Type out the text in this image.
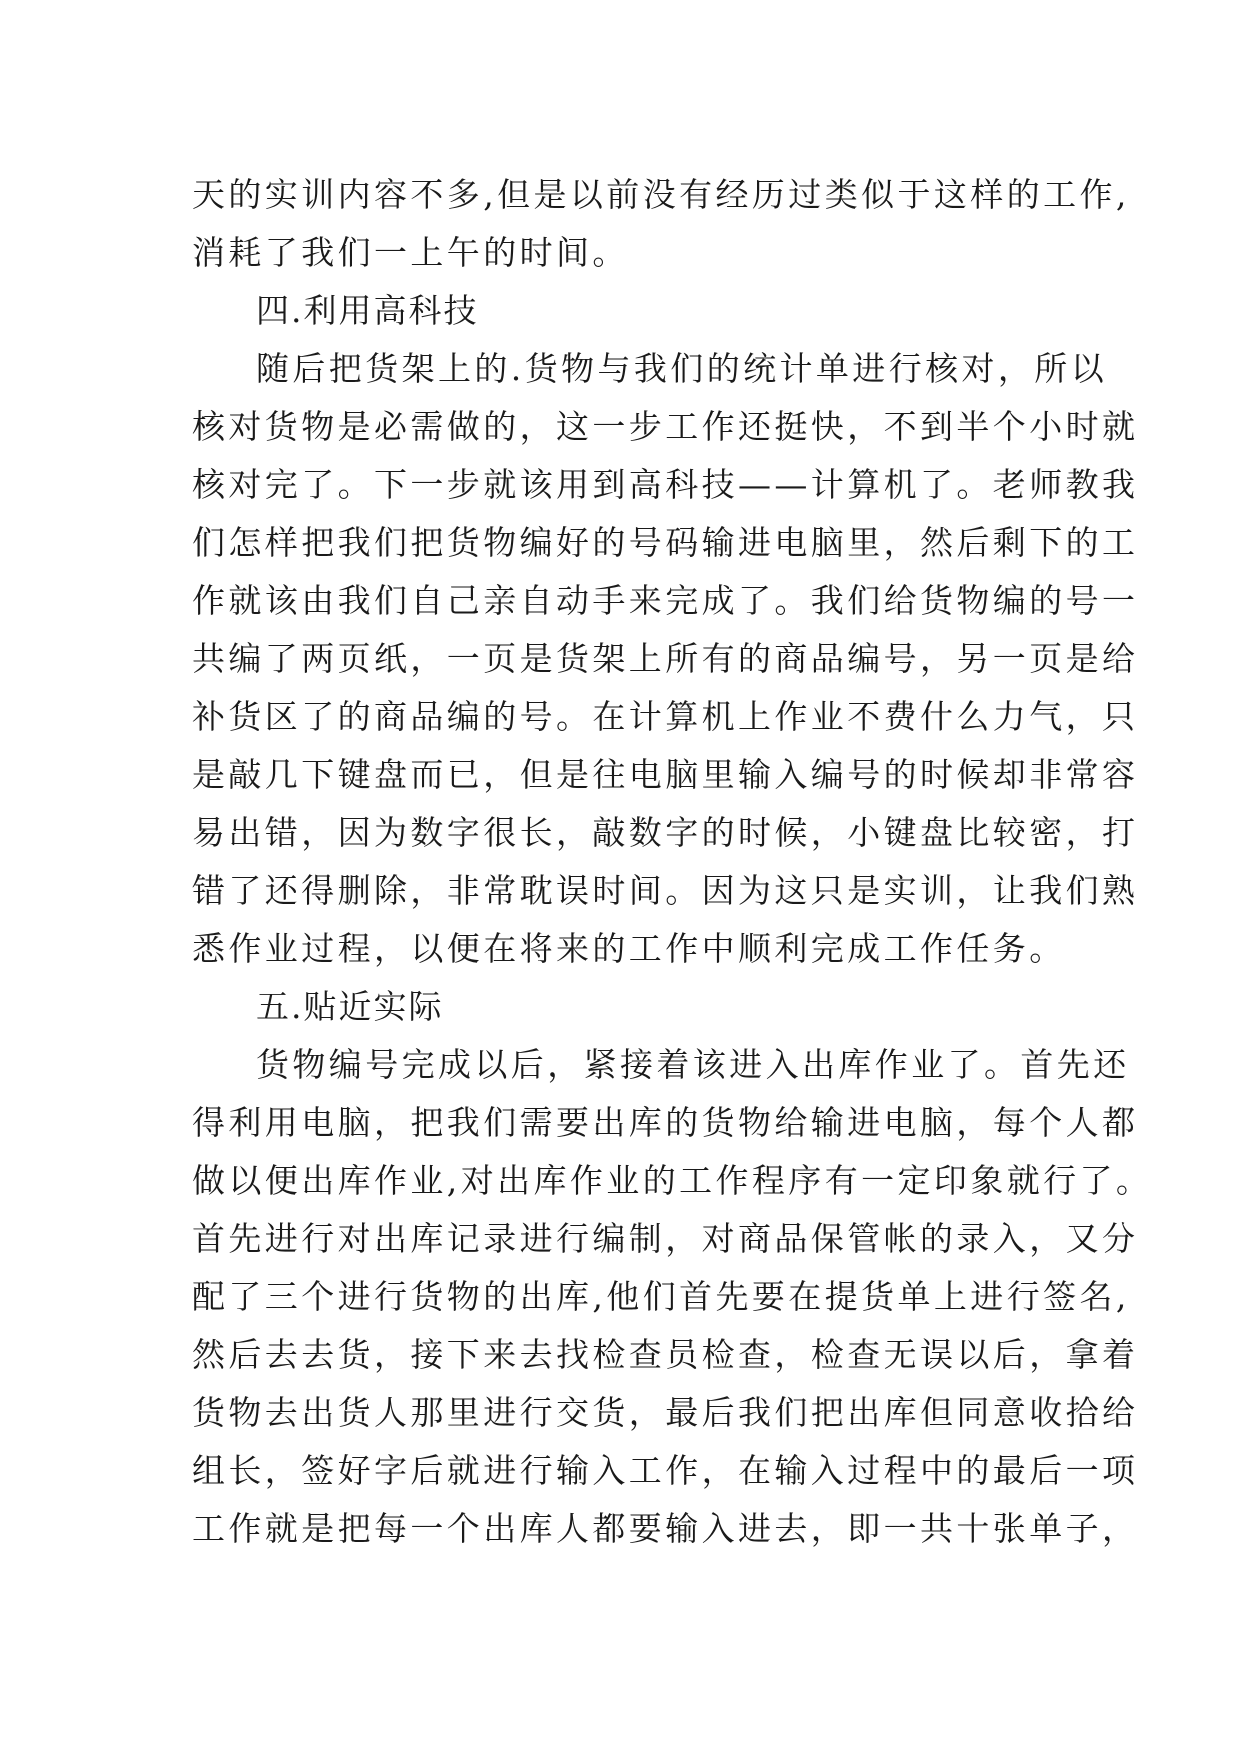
天的实训内容不多,但是以前没有经历过类似于这样的工作,

消耗了我们一上午的时间。

四.利用高科技

随后把货架上的.货物与我们的统计单进行核对，所以

核对货物是必需做的，这一步工作还挺快，不到半个小时就

核对完了。下一步就该用到高科技——计算机了。老师教我

们怎样把我们把货物编好的号码输进电脑里，然后剩下的工

作就该由我们自己亲自动手来完成了。我们给货物编的号一

共编了两页纸，一页是货架上所有的商品编号，另一页是给

补货区了的商品编的号。在计算机上作业不费什么力气，只

是敲几下键盘而已，但是往电脑里输入编号的时候却非常容

易出错，因为数字很长，敲数字的时候，小键盘比较密，打

错了还得删除，非常耽误时间。因为这只是实训，让我们熟

悉作业过程，以便在将来的工作中顺利完成工作任务。

五.贴近实际

货物编号完成以后，紧接着该进入出库作业了。首先还

得利用电脑，把我们需要出库的货物给输进电脑，每个人都

做以便出库作业,对出库作业的工作程序有一定印象就行了。

首先进行对出库记录进行编制，对商品保管帐的录入，又分

配了三个进行货物的出库,他们首先要在提货单上进行签名,

然后去去货，接下来去找检查员检查，检查无误以后，拿着

货物去出货人那里进行交货，最后我们把出库但同意收拾给

组长，签好字后就进行输入工作，在输入过程中的最后一项

工作就是把每一个出库人都要输入进去，即一共十张单子，
